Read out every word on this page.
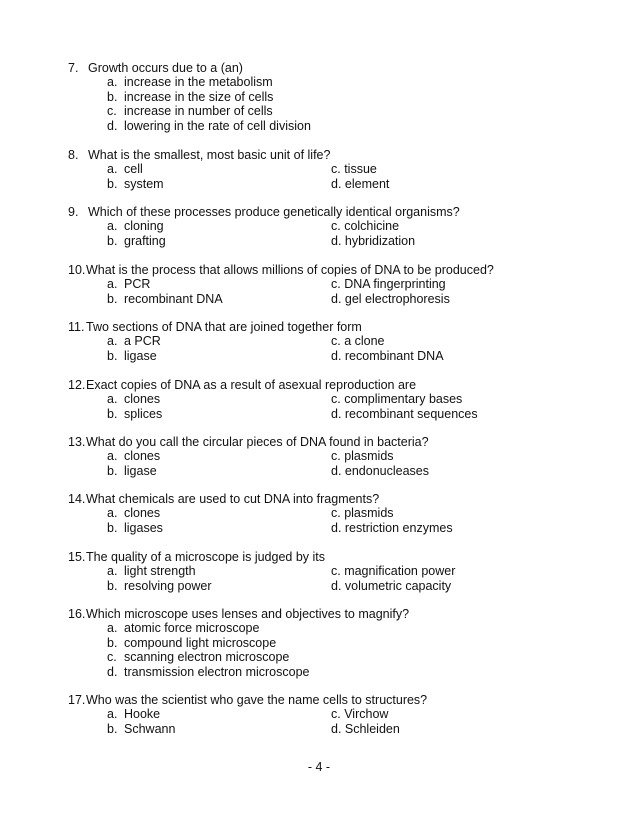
7. Growth occurs due to a (an)
a. increase in the metabolism
b. increase in the size of cells
c. increase in number of cells
d. lowering in the rate of cell division
8. What is the smallest, most basic unit of life?
a. cell	c. tissue
b. system	d. element
9. Which of these processes produce genetically identical organisms?
a. cloning	c. colchicine
b. grafting	d. hybridization
10. What is the process that allows millions of copies of DNA to be produced?
a. PCR	c. DNA fingerprinting
b. recombinant DNA	d. gel electrophoresis
11. Two sections of DNA that are joined together form
a. a PCR	c. a clone
b. ligase	d. recombinant DNA
12. Exact copies of DNA as a result of asexual reproduction are
a. clones	c. complimentary bases
b. splices	d. recombinant sequences
13. What do you call the circular pieces of DNA found in bacteria?
a. clones	c. plasmids
b. ligase	d. endonucleases
14. What chemicals are used to cut DNA into fragments?
a. clones	c. plasmids
b. ligases	d. restriction enzymes
15. The quality of a microscope is judged by its
a. light strength	c. magnification power
b. resolving power	d. volumetric capacity
16. Which microscope uses lenses and objectives to magnify?
a. atomic force microscope
b. compound light microscope
c. scanning electron microscope
d. transmission electron microscope
17. Who was the scientist who gave the name cells to structures?
a. Hooke	c. Virchow
b. Schwann	d. Schleiden
- 4 -
